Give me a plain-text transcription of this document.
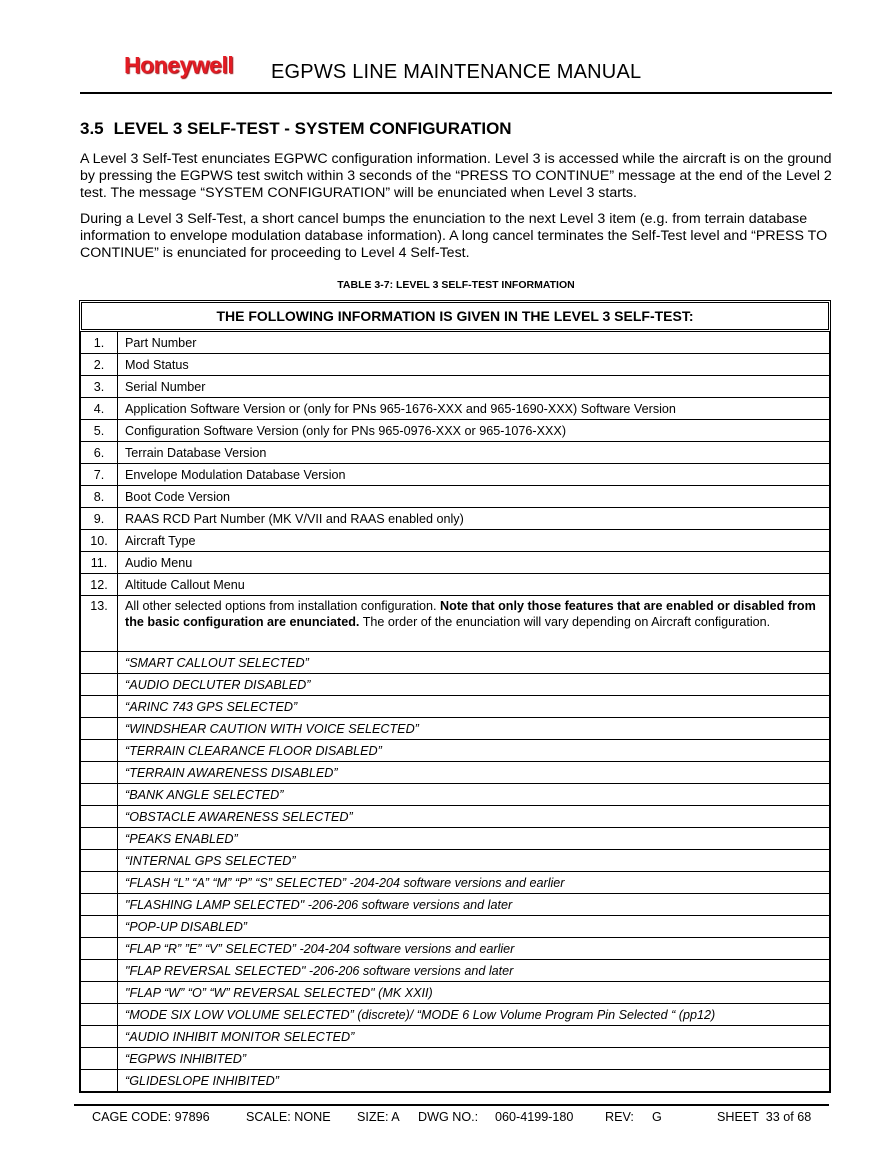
Honeywell EGPWS LINE MAINTENANCE MANUAL
3.5 LEVEL 3 SELF-TEST - SYSTEM CONFIGURATION

A Level 3 Self-Test enunciates EGPWC configuration information. Level 3 is accessed while the aircraft is on the ground by pressing the EGPWS test switch within 3 seconds of the “PRESS TO CONTINUE” message at the end of the Level 2 test. The message “SYSTEM CONFIGURATION” will be enunciated when Level 3 starts.

During a Level 3 Self-Test, a short cancel bumps the enunciation to the next Level 3 item (e.g. from terrain database information to envelope modulation database information). A long cancel terminates the Self-Test level and “PRESS TO CONTINUE” is enunciated for proceeding to Level 4 Self-Test.

TABLE 3-7: LEVEL 3 SELF-TEST INFORMATION
THE FOLLOWING INFORMATION IS GIVEN IN THE LEVEL 3 SELF-TEST:
1.	Part Number
2.	Mod Status
3.	Serial Number
4.	Application Software Version or (only for PNs 965-1676-XXX and 965-1690-XXX) Software Version
5.	Configuration Software Version (only for PNs 965-0976-XXX or 965-1076-XXX)
6.	Terrain Database Version
7.	Envelope Modulation Database Version
8.	Boot Code Version
9.	RAAS RCD Part Number (MK V/VII and RAAS enabled only)
10.	Aircraft Type
11.	Audio Menu
12.	Altitude Callout Menu
13.	All other selected options from installation configuration. Note that only those features that are enabled or disabled from the basic configuration are enunciated. The order of the enunciation will vary depending on Aircraft configuration.
	“SMART CALLOUT SELECTED”
	“AUDIO DECLUTER DISABLED”
	“ARINC 743 GPS SELECTED”
	“WINDSHEAR CAUTION WITH VOICE SELECTED”
	“TERRAIN CLEARANCE FLOOR DISABLED”
	“TERRAIN AWARENESS DISABLED”
	“BANK ANGLE SELECTED”
	“OBSTACLE AWARENESS SELECTED”
	“PEAKS ENABLED”
	“INTERNAL GPS SELECTED”
	“FLASH “L” “A” “M” “P” “S” SELECTED” -204-204 software versions and earlier
	"FLASHING LAMP SELECTED" -206-206 software versions and later
	“POP-UP DISABLED”
	“FLAP “R” ”E” “V” SELECTED” -204-204 software versions and earlier
	"FLAP REVERSAL SELECTED" -206-206 software versions and later
	"FLAP “W” “O” “W” REVERSAL SELECTED" (MK XXII)
	“MODE SIX LOW VOLUME SELECTED” (discrete)/ “MODE 6 Low Volume Program Pin Selected “ (pp12)
	“AUDIO INHIBIT MONITOR SELECTED”
	“EGPWS INHIBITED”
	“GLIDESLOPE INHIBITED”
CAGE CODE: 97896	SCALE: NONE SIZE: A DWG NO.: 060-4199-180	REV: G	SHEET  33 of 68
